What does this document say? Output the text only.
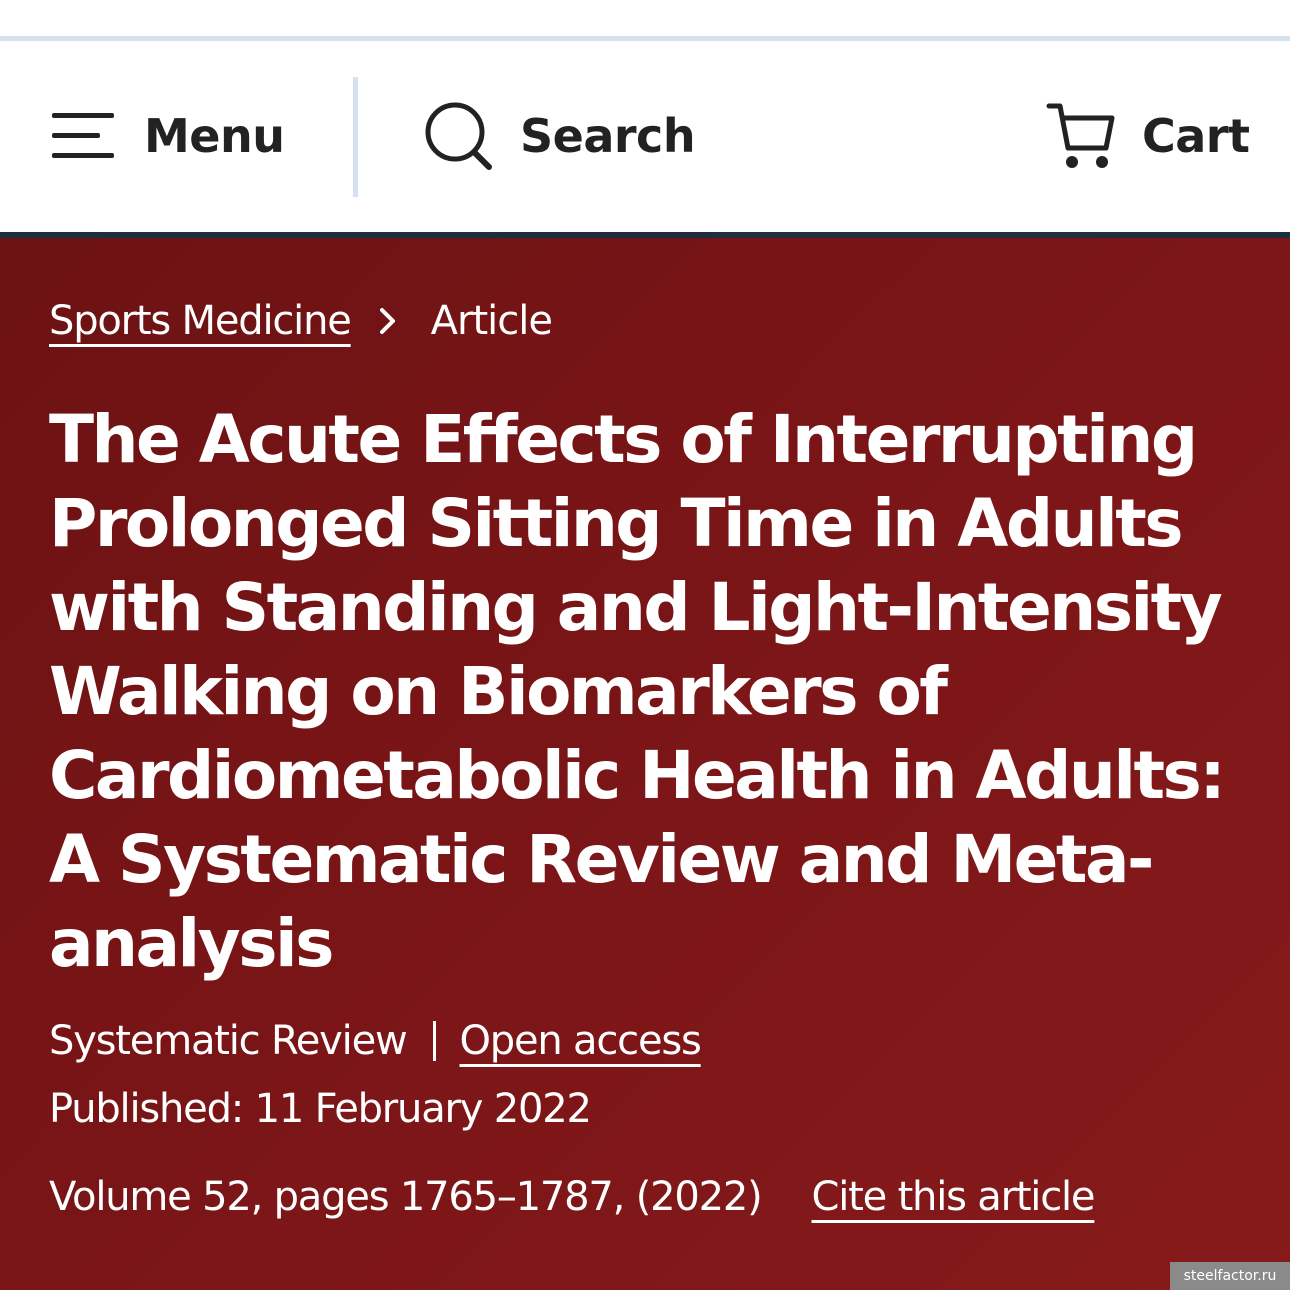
Menu	Search	Cart
Sports Medicine Article
The Acute Effects of Interrupting Prolonged Sitting Time in Adults with Standing and Light-Intensity Walking on Biomarkers of Cardiometabolic Health in Adults: A Systematic Review and Meta-analysis
Systematic Review Open access
Published: 11 February 2022
Volume 52, pages 1765–1787, (2022) Cite this article
steelfactor.ru
